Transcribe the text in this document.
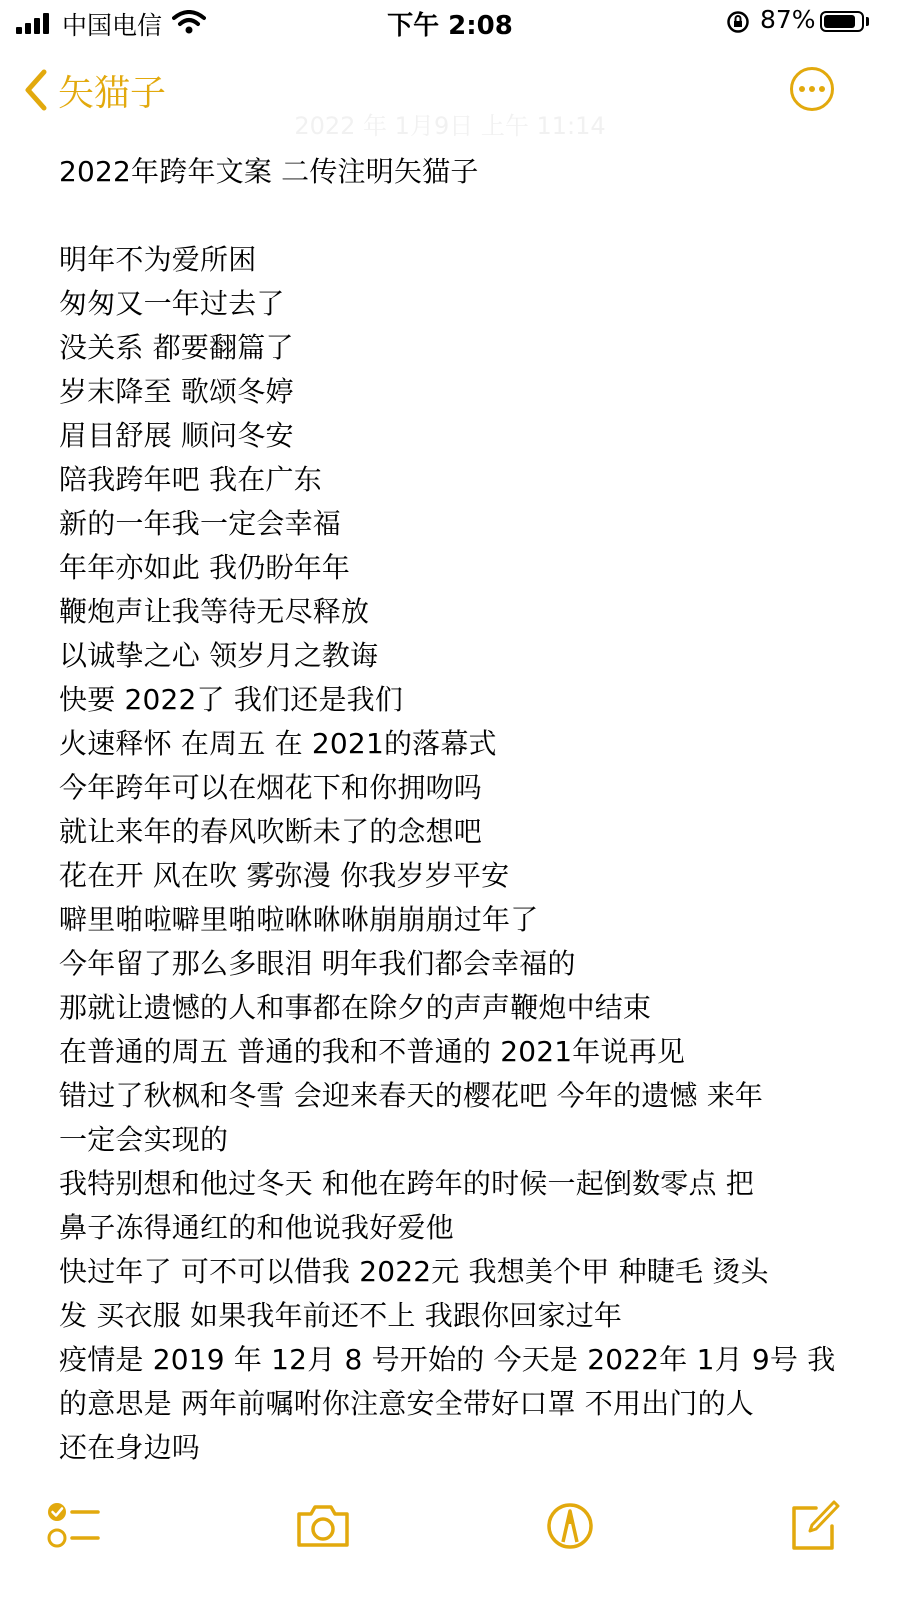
中国电信	下午 2:08	87%
矢猫子
2022 年 1月9日 上午 11:14
2022年跨年文案 二传注明矢猫子
明年不为爱所困
匆匆又一年过去了
没关系 都要翻篇了
岁末降至 歌颂冬婷
眉目舒展 顺问冬安
陪我跨年吧 我在广东
新的一年我一定会幸福
年年亦如此 我仍盼年年
鞭炮声让我等待无尽释放
以诚挚之心 领岁月之教诲
快要 2022了 我们还是我们
火速释怀 在周五 在 2021的落幕式
今年跨年可以在烟花下和你拥吻吗
就让来年的春风吹断未了的念想吧
花在开 风在吹 雾弥漫 你我岁岁平安
噼里啪啦噼里啪啦咻咻咻崩崩崩过年了
今年留了那么多眼泪 明年我们都会幸福的
那就让遗憾的人和事都在除夕的声声鞭炮中结束
在普通的周五 普通的我和不普通的 2021年说再见
错过了秋枫和冬雪 会迎来春天的樱花吧 今年的遗憾 来年
一定会实现的
我特别想和他过冬天 和他在跨年的时候一起倒数零点 把
鼻子冻得通红的和他说我好爱他
快过年了 可不可以借我 2022元 我想美个甲 种睫毛 烫头
发 买衣服 如果我年前还不上 我跟你回家过年
疫情是 2019 年 12月 8 号开始的 今天是 2022年 1月 9号 我
的意思是 两年前嘱咐你注意安全带好口罩 不用出门的人
还在身边吗
